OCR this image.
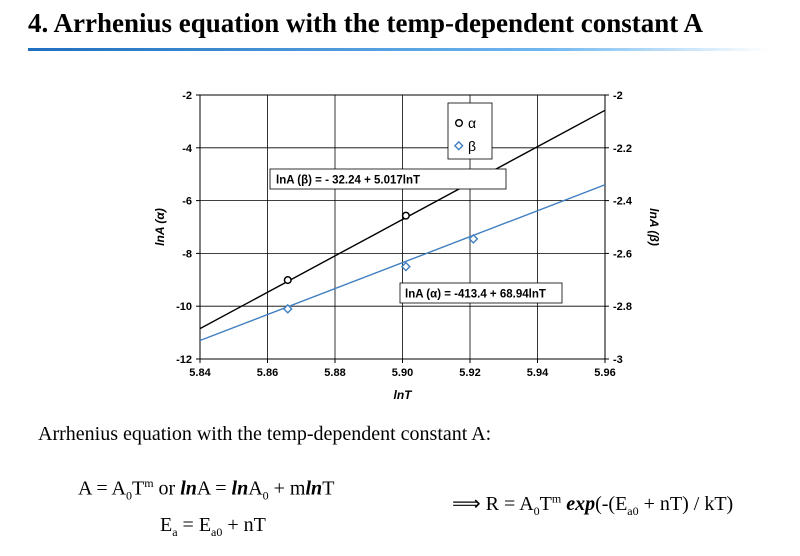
4. Arrhenius equation with the temp-dependent constant A
5.84	5.86	5.88	5.90	5.92	5.94	5.96
-2
-4
-6
-8
-10
-12
-2
-2.2
-2.4
-2.6
-2.8
-3
α
β
lnA (β) = - 32.24 + 5.017lnT
lnA (α) = -413.4 + 68.94lnT
lnT
lnA (α)	lnA (β)
Arrhenius equation with the temp-dependent constant A:
$A = A_0T^m$ or lnA = lnA$_0$ + mlnT
$E_a = E_{a0}$ + nT
⟹ $R = A_0T^m$ $\exp(-(E_{a0} + nT) / kT)$
